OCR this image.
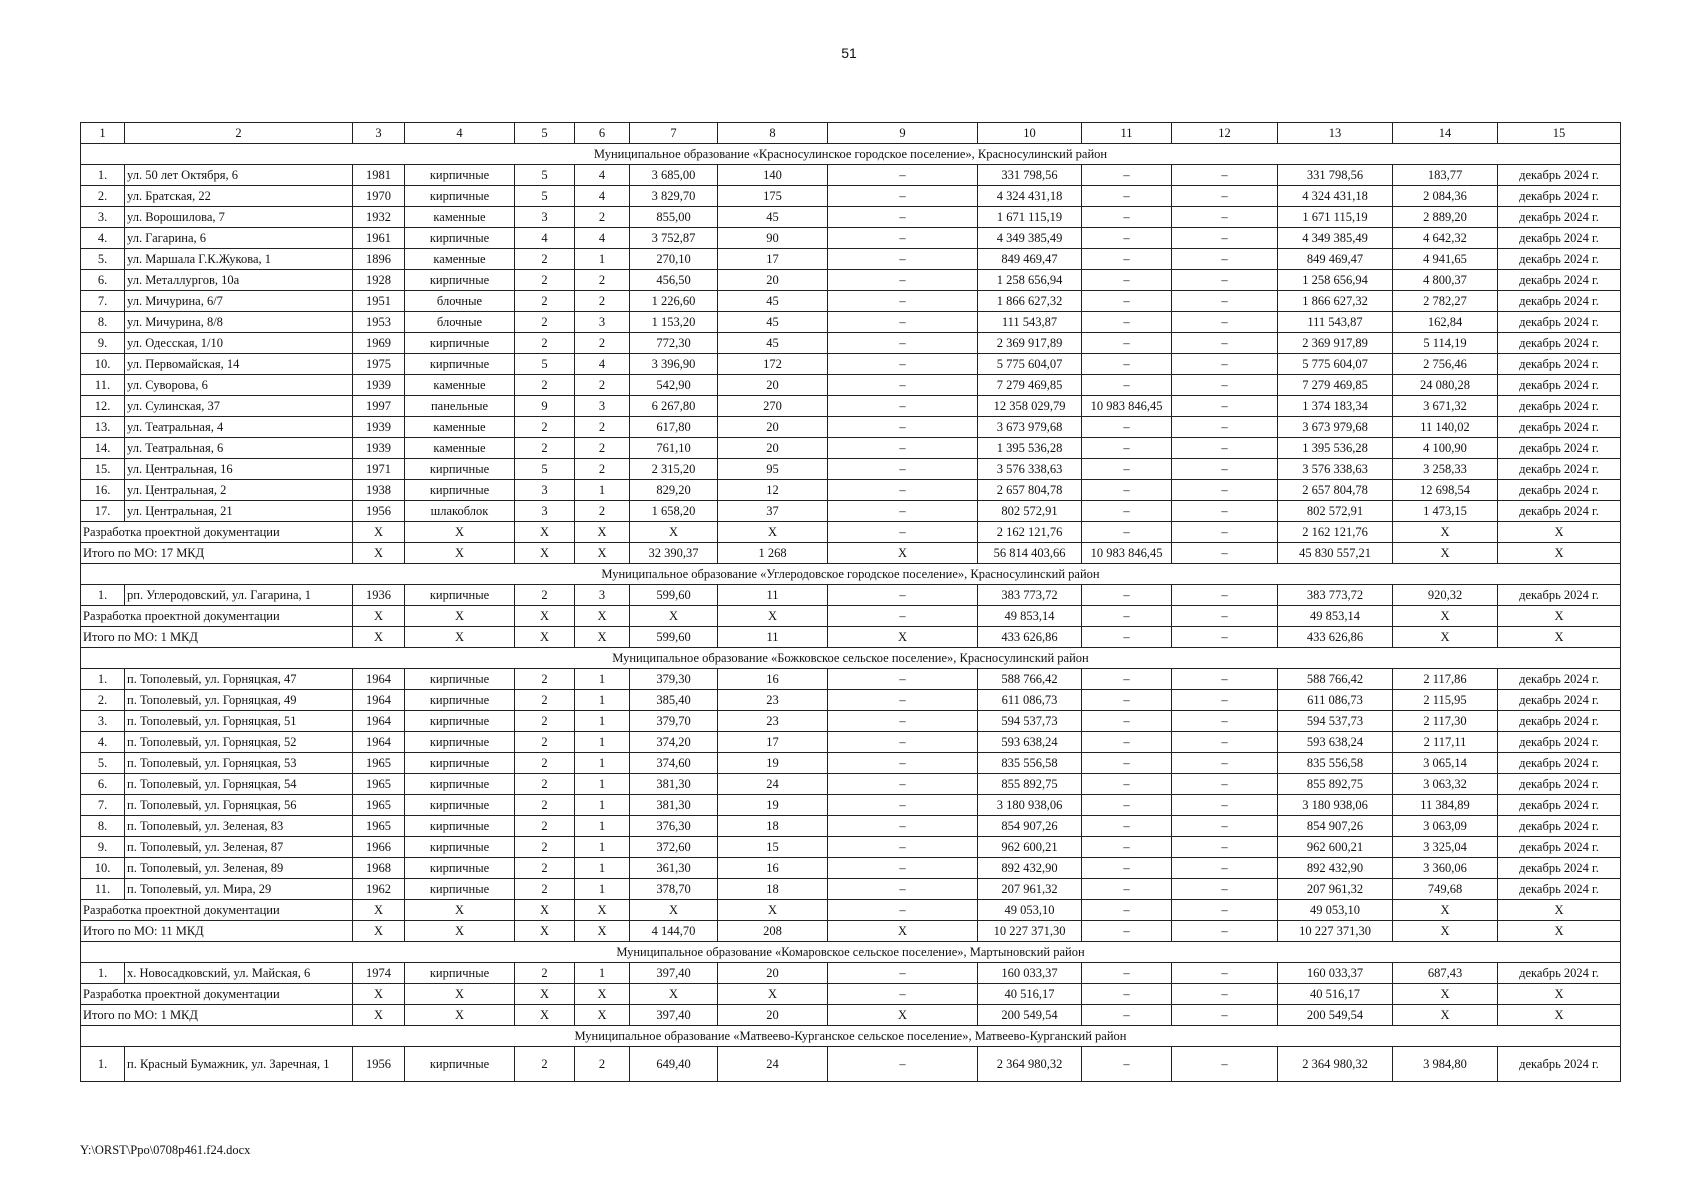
51
1	2	3	4	5	6	7	8	9	10	11	12	13	14	15
Муниципальное образование «Красносулинское городское поселение», Красносулинский район														
1.	ул. 50 лет Октября, 6	1981	кирпичные	5	4	3 685,00	140	–	331 798,56	–	–	331 798,56	183,77	декабрь 2024 г.
2.	ул. Братская, 22	1970	кирпичные	5	4	3 829,70	175	–	4 324 431,18	–	–	4 324 431,18	2 084,36	декабрь 2024 г.
3.	ул. Ворошилова, 7	1932	каменные	3	2	855,00	45	–	1 671 115,19	–	–	1 671 115,19	2 889,20	декабрь 2024 г.
4.	ул. Гагарина, 6	1961	кирпичные	4	4	3 752,87	90	–	4 349 385,49	–	–	4 349 385,49	4 642,32	декабрь 2024 г.
5.	ул. Маршала Г.К.Жукова, 1	1896	каменные	2	1	270,10	17	–	849 469,47	–	–	849 469,47	4 941,65	декабрь 2024 г.
6.	ул. Металлургов, 10а	1928	кирпичные	2	2	456,50	20	–	1 258 656,94	–	–	1 258 656,94	4 800,37	декабрь 2024 г.
7.	ул. Мичурина, 6/7	1951	блочные	2	2	1 226,60	45	–	1 866 627,32	–	–	1 866 627,32	2 782,27	декабрь 2024 г.
8.	ул. Мичурина, 8/8	1953	блочные	2	3	1 153,20	45	–	111 543,87	–	–	111 543,87	162,84	декабрь 2024 г.
9.	ул. Одесская, 1/10	1969	кирпичные	2	2	772,30	45	–	2 369 917,89	–	–	2 369 917,89	5 114,19	декабрь 2024 г.
10.	ул. Первомайская, 14	1975	кирпичные	5	4	3 396,90	172	–	5 775 604,07	–	–	5 775 604,07	2 756,46	декабрь 2024 г.
11.	ул. Суворова, 6	1939	каменные	2	2	542,90	20	–	7 279 469,85	–	–	7 279 469,85	24 080,28	декабрь 2024 г.
12.	ул. Сулинская, 37	1997	панельные	9	3	6 267,80	270	–	12 358 029,79	10 983 846,45	–	1 374 183,34	3 671,32	декабрь 2024 г.
13.	ул. Театральная, 4	1939	каменные	2	2	617,80	20	–	3 673 979,68	–	–	3 673 979,68	11 140,02	декабрь 2024 г.
14.	ул. Театральная, 6	1939	каменные	2	2	761,10	20	–	1 395 536,28	–	–	1 395 536,28	4 100,90	декабрь 2024 г.
15.	ул. Центральная, 16	1971	кирпичные	5	2	2 315,20	95	–	3 576 338,63	–	–	3 576 338,63	3 258,33	декабрь 2024 г.
16.	ул. Центральная, 2	1938	кирпичные	3	1	829,20	12	–	2 657 804,78	–	–	2 657 804,78	12 698,54	декабрь 2024 г.
17.	ул. Центральная, 21	1956	шлакоблок	3	2	1 658,20	37	–	802 572,91	–	–	802 572,91	1 473,15	декабрь 2024 г.
Разработка проектной документации		Х	Х	Х	Х	Х	Х	–	2 162 121,76	–	–	2 162 121,76	Х	Х
Итого по МО: 17 МКД		Х	Х	Х	Х	32 390,37	1 268	Х	56 814 403,66	10 983 846,45	–	45 830 557,21	Х	Х
Муниципальное образование «Углеродовское городское поселение», Красносулинский район														
1.	рп. Углеродовский, ул. Гагарина, 1	1936	кирпичные	2	3	599,60	11	–	383 773,72	–	–	383 773,72	920,32	декабрь 2024 г.
Разработка проектной документации		Х	Х	Х	Х	Х	Х	–	49 853,14	–	–	49 853,14	Х	Х
Итого по МО: 1 МКД		Х	Х	Х	Х	599,60	11	Х	433 626,86	–	–	433 626,86	Х	Х
Муниципальное образование «Божковское сельское поселение», Красносулинский район														
1.	п. Тополевый, ул. Горняцкая, 47	1964	кирпичные	2	1	379,30	16	–	588 766,42	–	–	588 766,42	2 117,86	декабрь 2024 г.
2.	п. Тополевый, ул. Горняцкая, 49	1964	кирпичные	2	1	385,40	23	–	611 086,73	–	–	611 086,73	2 115,95	декабрь 2024 г.
3.	п. Тополевый, ул. Горняцкая, 51	1964	кирпичные	2	1	379,70	23	–	594 537,73	–	–	594 537,73	2 117,30	декабрь 2024 г.
4.	п. Тополевый, ул. Горняцкая, 52	1964	кирпичные	2	1	374,20	17	–	593 638,24	–	–	593 638,24	2 117,11	декабрь 2024 г.
5.	п. Тополевый, ул. Горняцкая, 53	1965	кирпичные	2	1	374,60	19	–	835 556,58	–	–	835 556,58	3 065,14	декабрь 2024 г.
6.	п. Тополевый, ул. Горняцкая, 54	1965	кирпичные	2	1	381,30	24	–	855 892,75	–	–	855 892,75	3 063,32	декабрь 2024 г.
7.	п. Тополевый, ул. Горняцкая, 56	1965	кирпичные	2	1	381,30	19	–	3 180 938,06	–	–	3 180 938,06	11 384,89	декабрь 2024 г.
8.	п. Тополевый, ул. Зеленая, 83	1965	кирпичные	2	1	376,30	18	–	854 907,26	–	–	854 907,26	3 063,09	декабрь 2024 г.
9.	п. Тополевый, ул. Зеленая, 87	1966	кирпичные	2	1	372,60	15	–	962 600,21	–	–	962 600,21	3 325,04	декабрь 2024 г.
10.	п. Тополевый, ул. Зеленая, 89	1968	кирпичные	2	1	361,30	16	–	892 432,90	–	–	892 432,90	3 360,06	декабрь 2024 г.
11.	п. Тополевый, ул. Мира, 29	1962	кирпичные	2	1	378,70	18	–	207 961,32	–	–	207 961,32	749,68	декабрь 2024 г.
Разработка проектной документации		Х	Х	Х	Х	Х	Х	–	49 053,10	–	–	49 053,10	Х	Х
Итого по МО: 11 МКД		Х	Х	Х	Х	4 144,70	208	Х	10 227 371,30	–	–	10 227 371,30	Х	Х
Муниципальное образование «Комаровское сельское поселение», Мартыновский район														
1.	х. Новосадковский, ул. Майская, 6	1974	кирпичные	2	1	397,40	20	–	160 033,37	–	–	160 033,37	687,43	декабрь 2024 г.
Разработка проектной документации		Х	Х	Х	Х	Х	Х	–	40 516,17	–	–	40 516,17	Х	Х
Итого по МО: 1 МКД		Х	Х	Х	Х	397,40	20	Х	200 549,54	–	–	200 549,54	Х	Х
Муниципальное образование «Матвеево-Курганское сельское поселение», Матвеево-Курганский район														
1.	п. Красный Бумажник, ул. Заречная, 1	1956	кирпичные	2	2	649,40	24	–	2 364 980,32	–	–	2 364 980,32	3 984,80	декабрь 2024 г.
Y:\ORST\Ppo\0708p461.f24.docx
